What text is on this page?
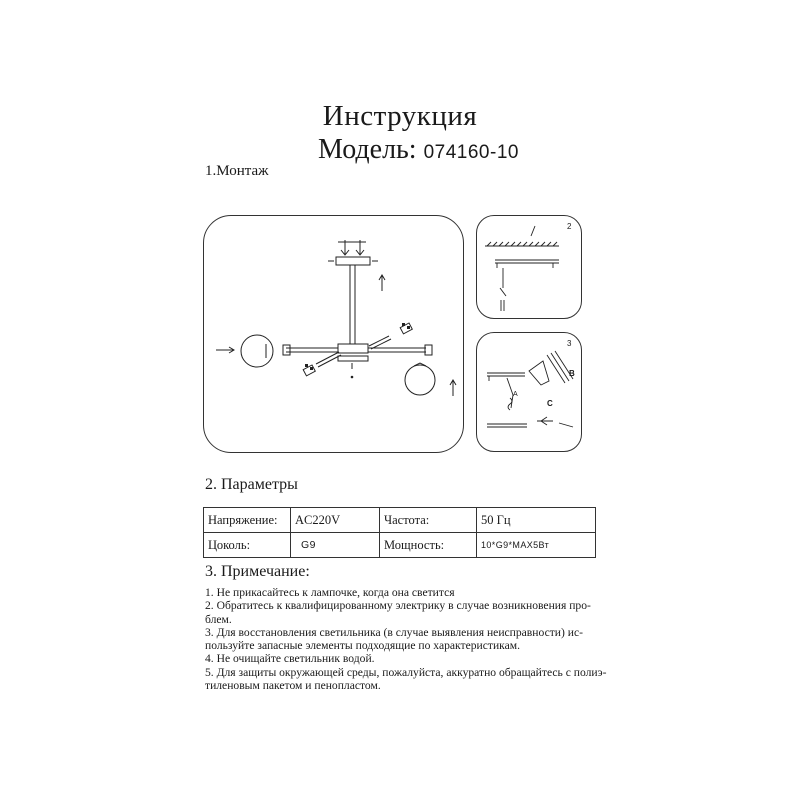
Инструкция
Модель: 074160-10
1.Монтаж
2
3
A
B
C
2. Параметры
Напряжение:	AC220V	Частота:	50 Гц
Цоколь:	G9	Мощность:	10*G9*MAX5Вт
3. Примечание:
1. Не прикасайтесь к лампочке, когда она светится
2. Обратитесь к квалифицированному электрику в случае возникновения про-
блем.
3. Для восстановления светильника (в случае выявления неисправности) ис-
пользуйте запасные элементы подходящие по характеристикам.
4. Не очищайте светильник водой.
5. Для защиты окружающей среды, пожалуйста, аккуратно обращайтесь с полиэ-
тиленовым пакетом и пенопластом.
